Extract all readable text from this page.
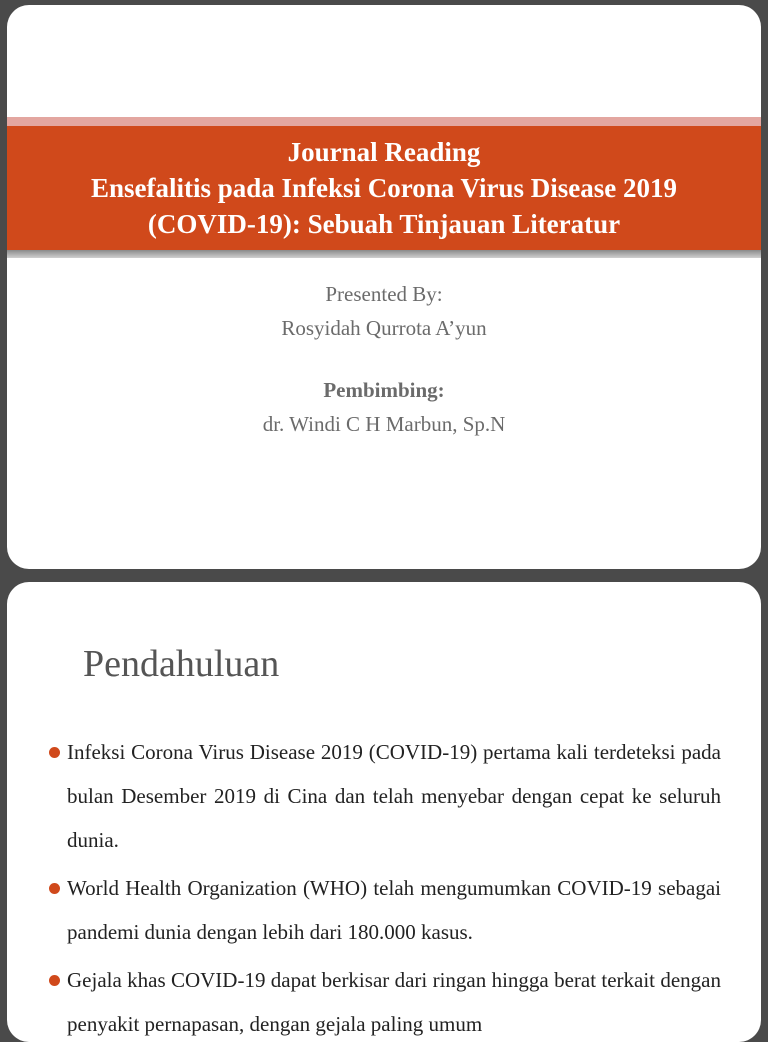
Journal Reading
Ensefalitis pada Infeksi Corona Virus Disease 2019
(COVID-19): Sebuah Tinjauan Literatur
Presented By:
Rosyidah Qurrota A’yun
Pembimbing:
dr. Windi C H Marbun, Sp.N
Pendahuluan
Infeksi Corona Virus Disease 2019 (COVID-19) pertama kali terdeteksi pada bulan Desember 2019 di Cina dan telah menyebar dengan cepat ke seluruh dunia.
World Health Organization (WHO) telah mengumumkan COVID-19 sebagai pandemi dunia dengan lebih dari 180.000 kasus.
Gejala khas COVID-19 dapat berkisar dari ringan hingga berat terkait dengan penyakit pernapasan, dengan gejala paling umum
